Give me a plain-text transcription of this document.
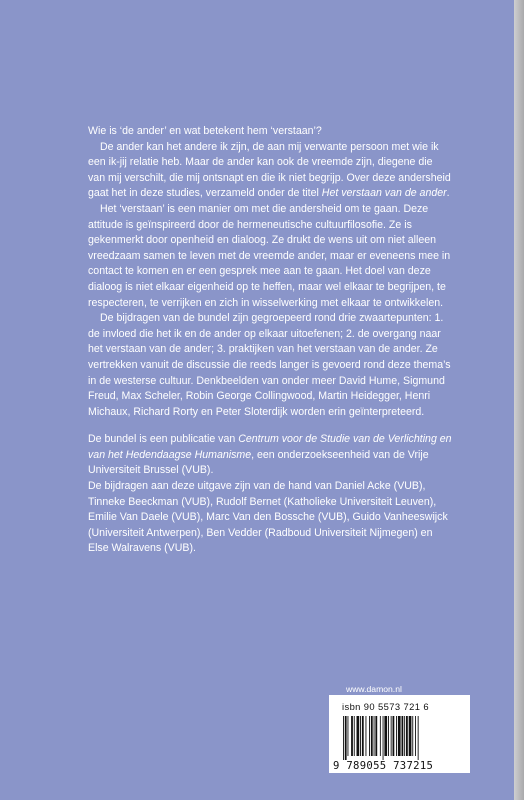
Wie is ‘de ander’ en wat betekent hem ‘verstaan’?

De ander kan het andere ik zijn, de aan mij verwante persoon met wie ik een ik-jij relatie heb. Maar de ander kan ook de vreemde zijn, diegene die van mij verschilt, die mij ontsnapt en die ik niet begrijp. Over deze andersheid gaat het in deze studies, verzameld onder de titel Het verstaan van de ander.

Het ‘verstaan’ is een manier om met die andersheid om te gaan. Deze attitude is geïnspireerd door de hermeneutische cultuurfilosofie. Ze is gekenmerkt door openheid en dialoog. Ze drukt de wens uit om niet alleen vreedzaam samen te leven met de vreemde ander, maar er eveneens mee in contact te komen en er een gesprek mee aan te gaan. Het doel van deze dialoog is niet elkaar eigenheid op te heffen, maar wel elkaar te begrijpen, te respecteren, te verrijken en zich in wisselwerking met elkaar te ontwikkelen.

De bijdragen van de bundel zijn gegroepeerd rond drie zwaartepunten: 1. de invloed die het ik en de ander op elkaar uitoefenen; 2. de overgang naar het verstaan van de ander; 3. praktijken van het verstaan van de ander. Ze vertrekken vanuit de discussie die reeds langer is gevoerd rond deze thema’s in de westerse cultuur. Denkbeelden van onder meer David Hume, Sigmund Freud, Max Scheler, Robin George Collingwood, Martin Heidegger, Henri Michaux, Richard Rorty en Peter Sloterdijk worden erin geïnterpreteerd.

De bundel is een publicatie van Centrum voor de Studie van de Verlichting en van het Hedendaagse Humanisme, een onderzoekseenheid van de Vrije Universiteit Brussel (VUB).

De bijdragen aan deze uitgave zijn van de hand van Daniel Acke (VUB), Tinneke Beeckman (VUB), Rudolf Bernet (Katholieke Universiteit Leuven), Emilie Van Daele (VUB), Marc Van den Bossche (VUB), Guido Vanheeswijck (Universiteit Antwerpen), Ben Vedder (Radboud Universiteit Nijmegen) en Else Walravens (VUB).

www.damon.nl
isbn 90 5573 721 6
9 789055 737215
